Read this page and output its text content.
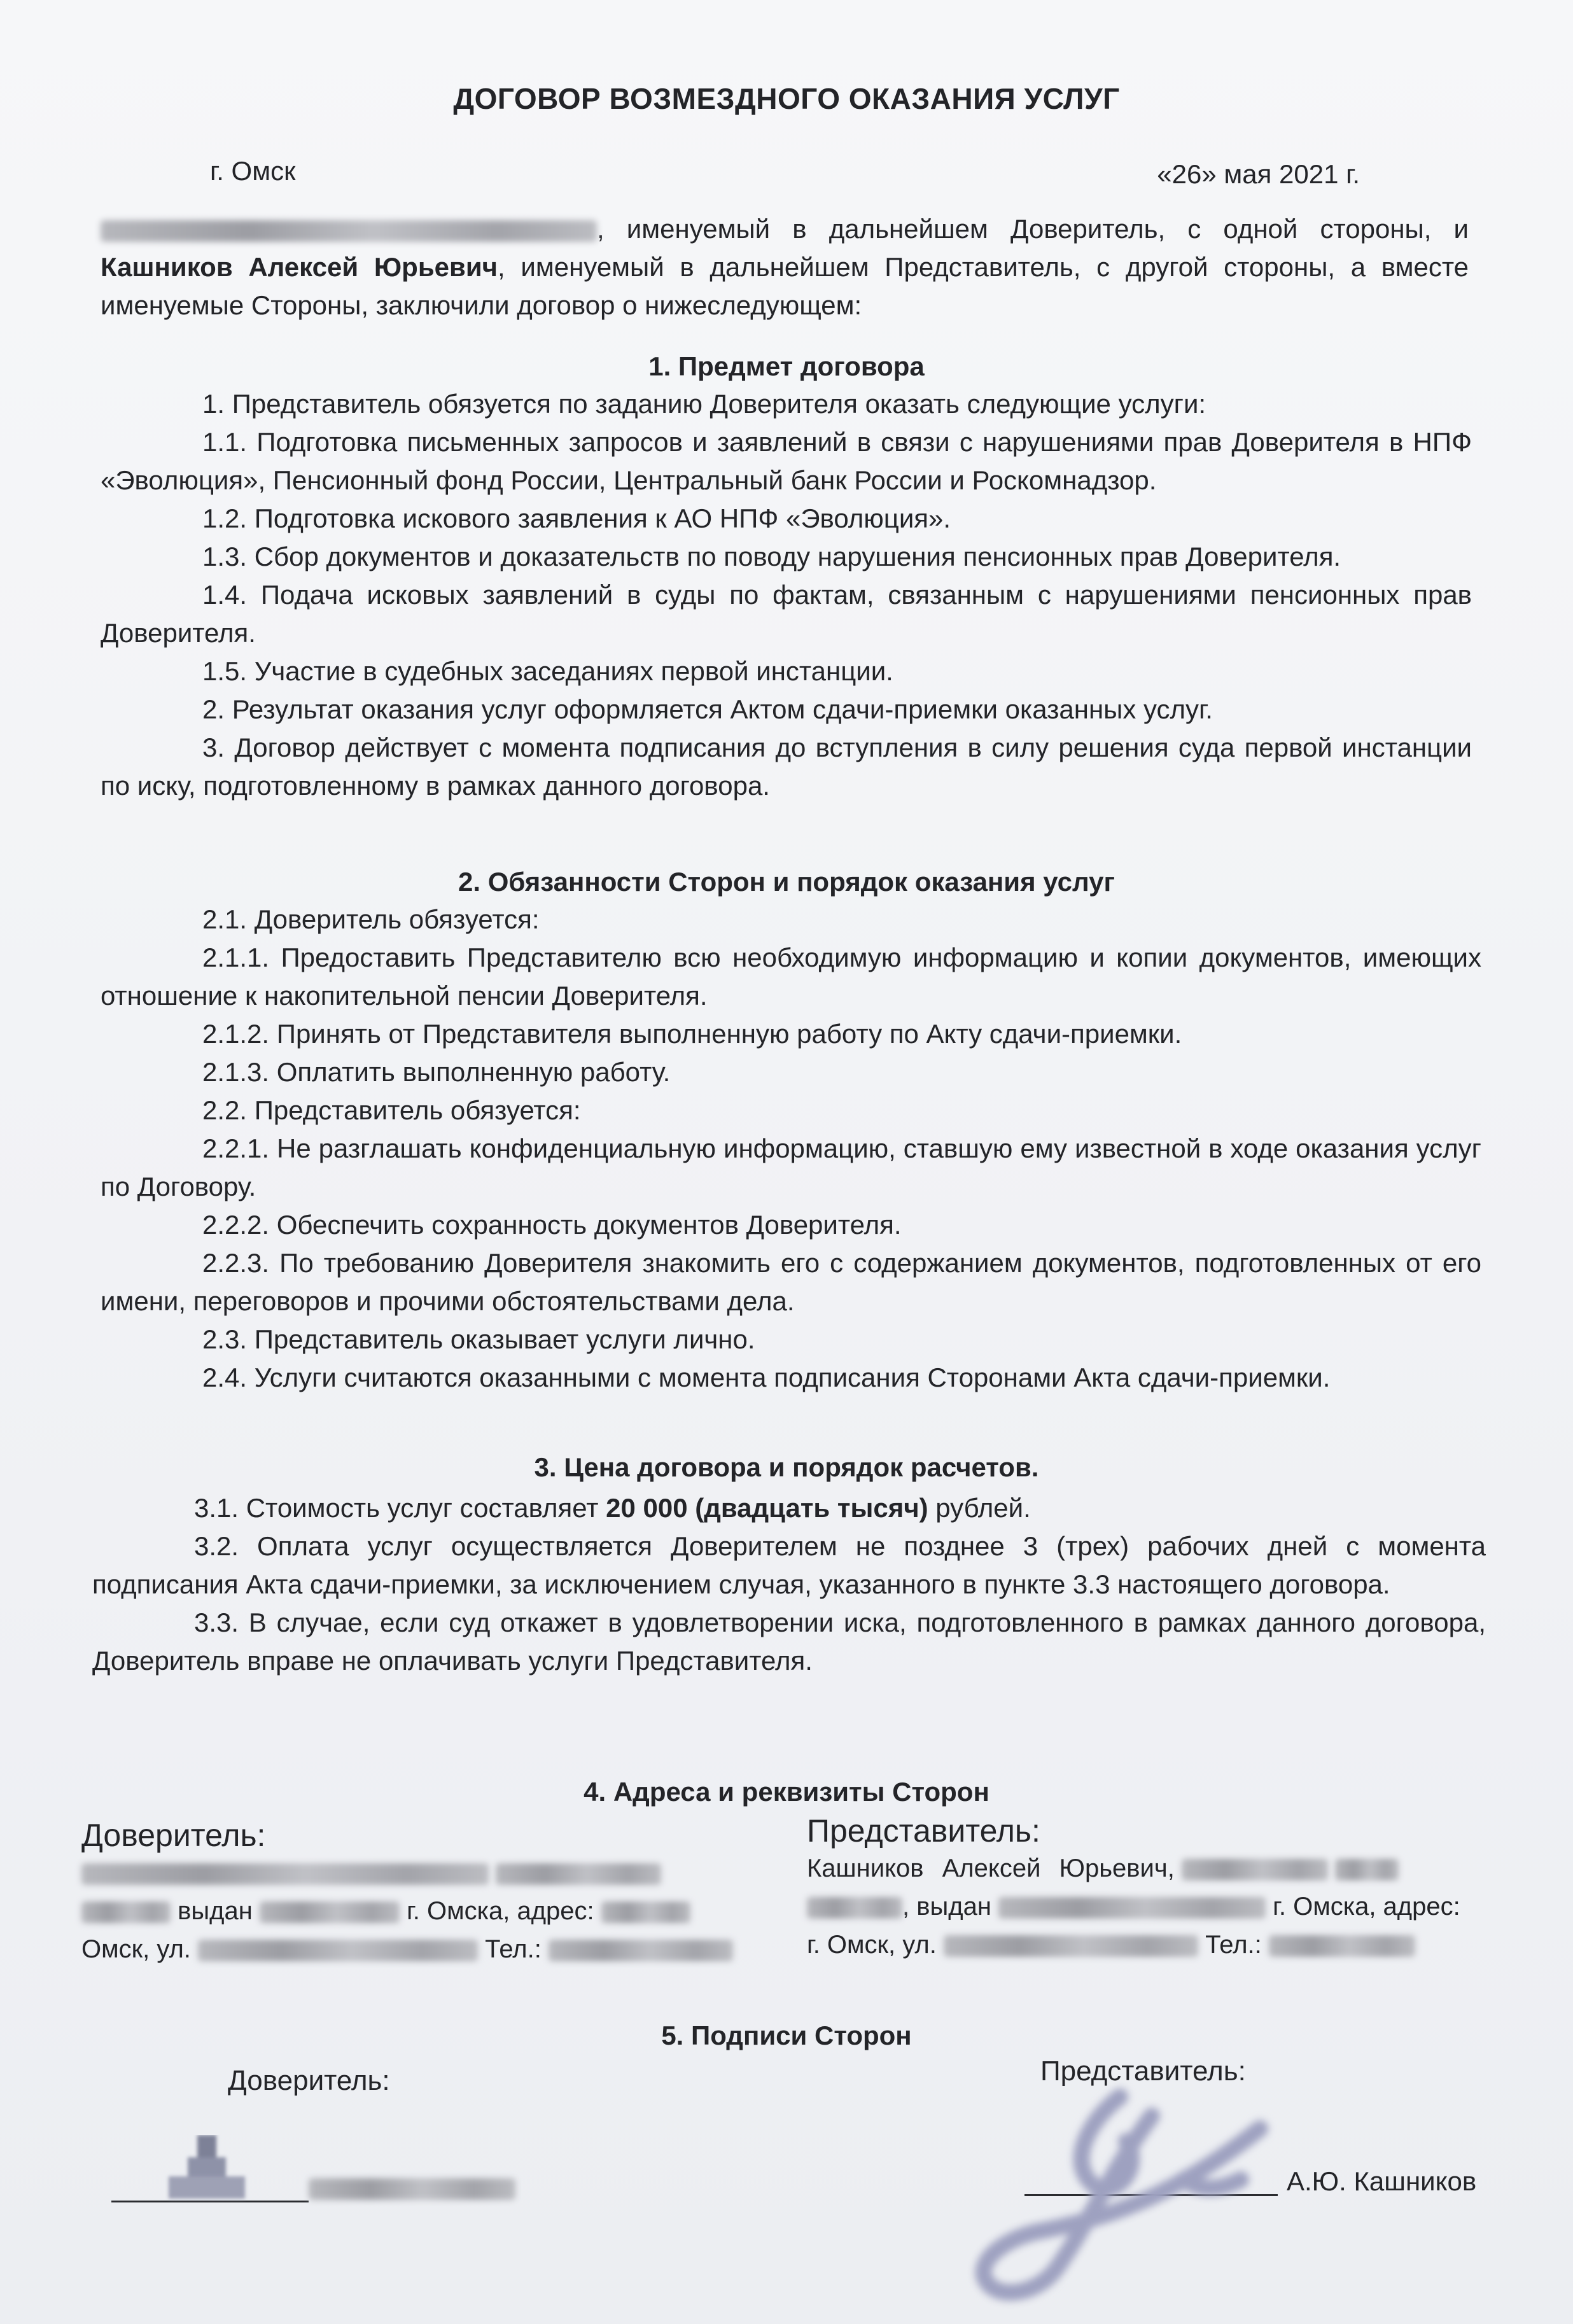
ДОГОВОР ВОЗМЕЗДНОГО ОКАЗАНИЯ УСЛУГ
г. Омск	«26» мая 2021 г.
, именуемый в дальнейшем Доверитель, с одной стороны, и Кашников Алексей Юрьевич, именуемый в дальнейшем Представитель, с другой стороны, а вместе именуемые Стороны, заключили договор о нижеследующем:
1. Предмет договора
1. Представитель обязуется по заданию Доверителя оказать следующие услуги:
1.1. Подготовка письменных запросов и заявлений в связи с нарушениями прав Доверителя в НПФ «Эволюция», Пенсионный фонд России, Центральный банк России и Роскомнадзор.
1.2. Подготовка искового заявления к АО НПФ «Эволюция».
1.3. Сбор документов и доказательств по поводу нарушения пенсионных прав Доверителя.
1.4. Подача исковых заявлений в суды по фактам, связанным с нарушениями пенсионных прав Доверителя.
1.5. Участие в судебных заседаниях первой инстанции.
2. Результат оказания услуг оформляется Актом сдачи-приемки оказанных услуг.
3. Договор действует с момента подписания до вступления в силу решения суда первой инстанции по иску, подготовленному в рамках данного договора.
2. Обязанности Сторон и порядок оказания услуг
2.1. Доверитель обязуется:
2.1.1. Предоставить Представителю всю необходимую информацию и копии документов, имеющих отношение к накопительной пенсии Доверителя.
2.1.2. Принять от Представителя выполненную работу по Акту сдачи-приемки.
2.1.3. Оплатить выполненную работу.
2.2. Представитель обязуется:
2.2.1. Не разглашать конфиденциальную информацию, ставшую ему известной в ходе оказания услуг по Договору.
2.2.2. Обеспечить сохранность документов Доверителя.
2.2.3. По требованию Доверителя знакомить его с содержанием документов, подготовленных от его имени, переговоров и прочими обстоятельствами дела.
2.3. Представитель оказывает услуги лично.
2.4. Услуги считаются оказанными с момента подписания Сторонами Акта сдачи-приемки.
3. Цена договора и порядок расчетов.
3.1. Стоимость услуг составляет 20 000 (двадцать тысяч) рублей.
3.2. Оплата услуг осуществляется Доверителем не позднее 3 (трех) рабочих дней с момента подписания Акта сдачи-приемки, за исключением случая, указанного в пункте 3.3 настоящего договора.
3.3. В случае, если суд откажет в удовлетворении иска, подготовленного в рамках данного договора, Доверитель вправе не оплачивать услуги Представителя.
4. Адреса и реквизиты Сторон
Доверитель:

выдан	г. Омска, адрес:
Омск, ул.	Тел.:
Представитель:
Кашников Алексей Юрьевич,
, выдан	г. Омска, адрес:
г. Омск, ул.	Тел.:
5. Подписи Сторон
Доверитель:	Представитель:
А.Ю. Кашников
